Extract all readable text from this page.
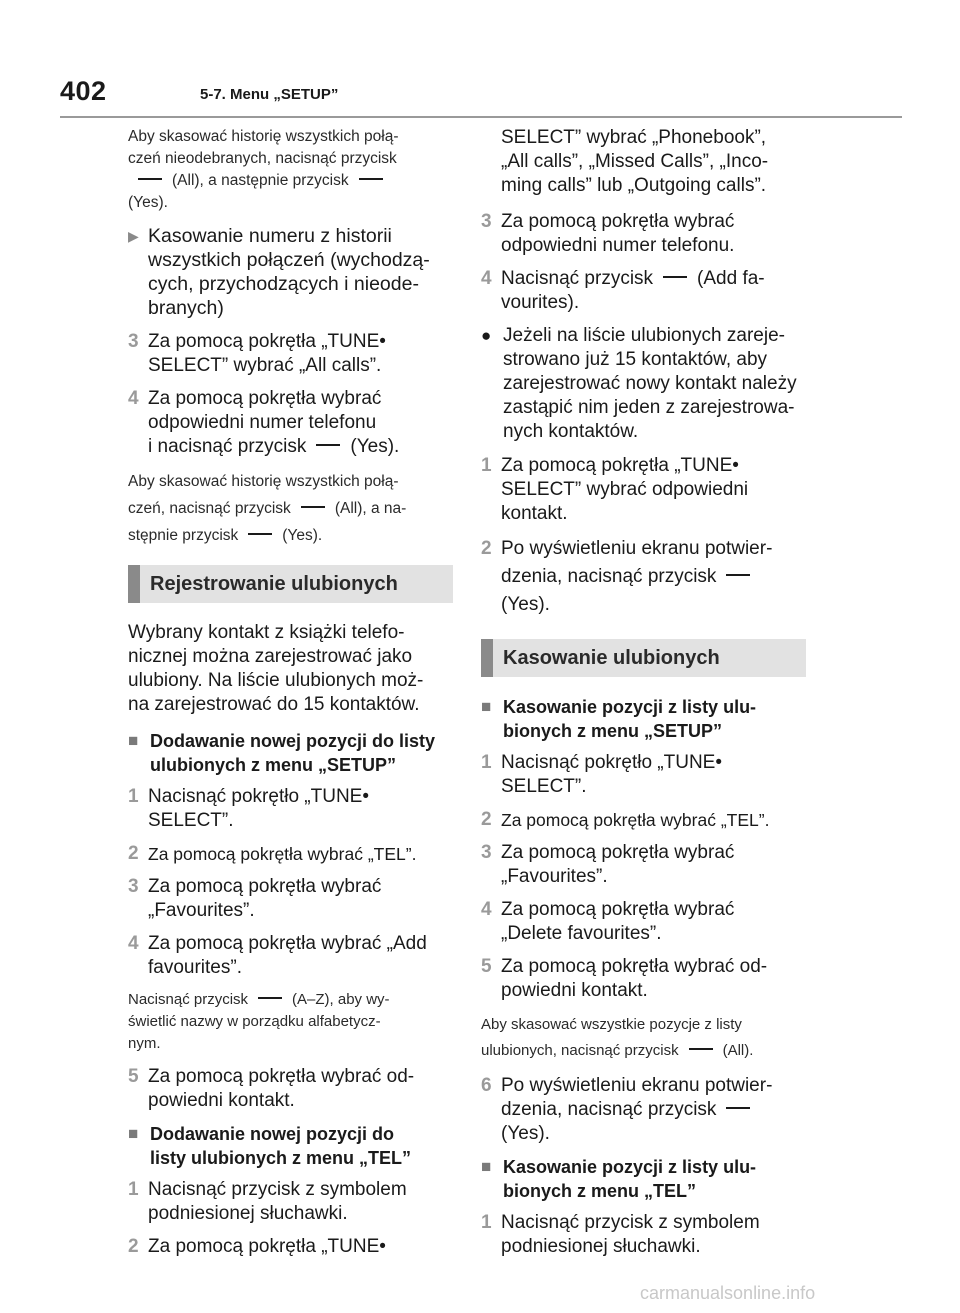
402	5-7. Menu „SETUP”

Aby skasować historię wszystkich połą-
czeń nieodebranych, nacisnąć przycisk
(All), a następnie przycisk
(Yes).

▶ Kasowanie numeru z historii
wszystkich połączeń (wychodzą-
cych, przychodzących i nieode-
branych)
3 Za pomocą pokrętła „TUNE•
SELECT” wybrać „All calls”.
4 Za pomocą pokrętła wybrać
odpowiedni numer telefonu
i nacisnąć przycisk (Yes).

Aby skasować historię wszystkich połą-
czeń, nacisnąć przycisk	(All), a na-
stępnie przycisk	(Yes).

Rejestrowanie ulubionych

Wybrany kontakt z książki telefo-
nicznej można zarejestrować jako
ulubiony. Na liście ulubionych moż-
na zarejestrować do 15 kontaktów.

■ Dodawanie nowej pozycji do listy
ulubionych z menu „SETUP”
1 Nacisnąć pokrętło „TUNE•
SELECT”.
2 Za pomocą pokrętła wybrać „TEL”.
3 Za pomocą pokrętła wybrać
„Favourites”.
4 Za pomocą pokrętła wybrać „Add
favourites”.

Nacisnąć przycisk	(A–Z), aby wy-
świetlić nazwy w porządku alfabetycz-
nym.

5 Za pomocą pokrętła wybrać od-
powiedni kontakt.
■ Dodawanie nowej pozycji do
listy ulubionych z menu „TEL”
1 Nacisnąć przycisk z symbolem
podniesionej słuchawki.
2 Za pomocą pokrętła „TUNE•

SELECT” wybrać „Phonebook”,
„All calls”, „Missed Calls”, „Inco-
ming calls” lub „Outgoing calls”.

3 Za pomocą pokrętła wybrać
odpowiedni numer telefonu.
4 Nacisnąć przycisk (Add fa-
vourites).
● Jeżeli na liście ulubionych zareje-
strowano już 15 kontaktów, aby
zarejestrować nowy kontakt należy
zastąpić nim jeden z zarejestrowa-
nych kontaktów.
1 Za pomocą pokrętła „TUNE•
SELECT” wybrać odpowiedni
kontakt.
2 Po wyświetleniu ekranu potwier-
dzenia, nacisnąć przycisk
(Yes).
Kasowanie ulubionych
■ Kasowanie pozycji z listy ulu-
bionych z menu „SETUP”
1 Nacisnąć pokrętło „TUNE•
SELECT”.
2 Za pomocą pokrętła wybrać „TEL”.
3 Za pomocą pokrętła wybrać
„Favourites”.
4 Za pomocą pokrętła wybrać
„Delete favourites”.
5 Za pomocą pokrętła wybrać od-
powiedni kontakt.

Aby skasować wszystkie pozycje z listy
ulubionych, nacisnąć przycisk	(All).

6 Po wyświetleniu ekranu potwier-
dzenia, nacisnąć przycisk
(Yes).
■ Kasowanie pozycji z listy ulu-
bionych z menu „TEL”
1 Nacisnąć przycisk z symbolem
podniesionej słuchawki.
carmanualsonline.info
